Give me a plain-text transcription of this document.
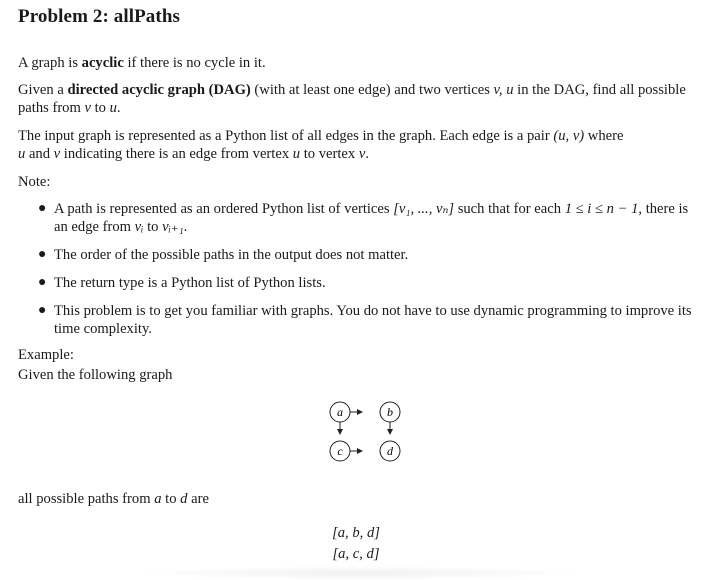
Problem 2: allPaths

A graph is acyclic if there is no cycle in it.

Given a directed acyclic graph (DAG) (with at least one edge) and two vertices v, u in the DAG, find all possible paths from v to u.

The input graph is represented as a Python list of all edges in the graph. Each edge is a pair (u, v) where
u and v indicating there is an edge from vertex u to vertex v.

Note:

● A path is represented as an ordered Python list of vertices [v₁, ..., vₙ] such that for each 1 ≤ i ≤ n − 1, there is an edge from vᵢ to vᵢ₊₁.
● The order of the possible paths in the output does not matter.
● The return type is a Python list of Python lists.
● This problem is to get you familiar with graphs. You do not have to use dynamic programming to improve its time complexity.

Example:

Given the following graph

a	b
c	d

all possible paths from a to d are

[a, b, d]
[a, c, d]
